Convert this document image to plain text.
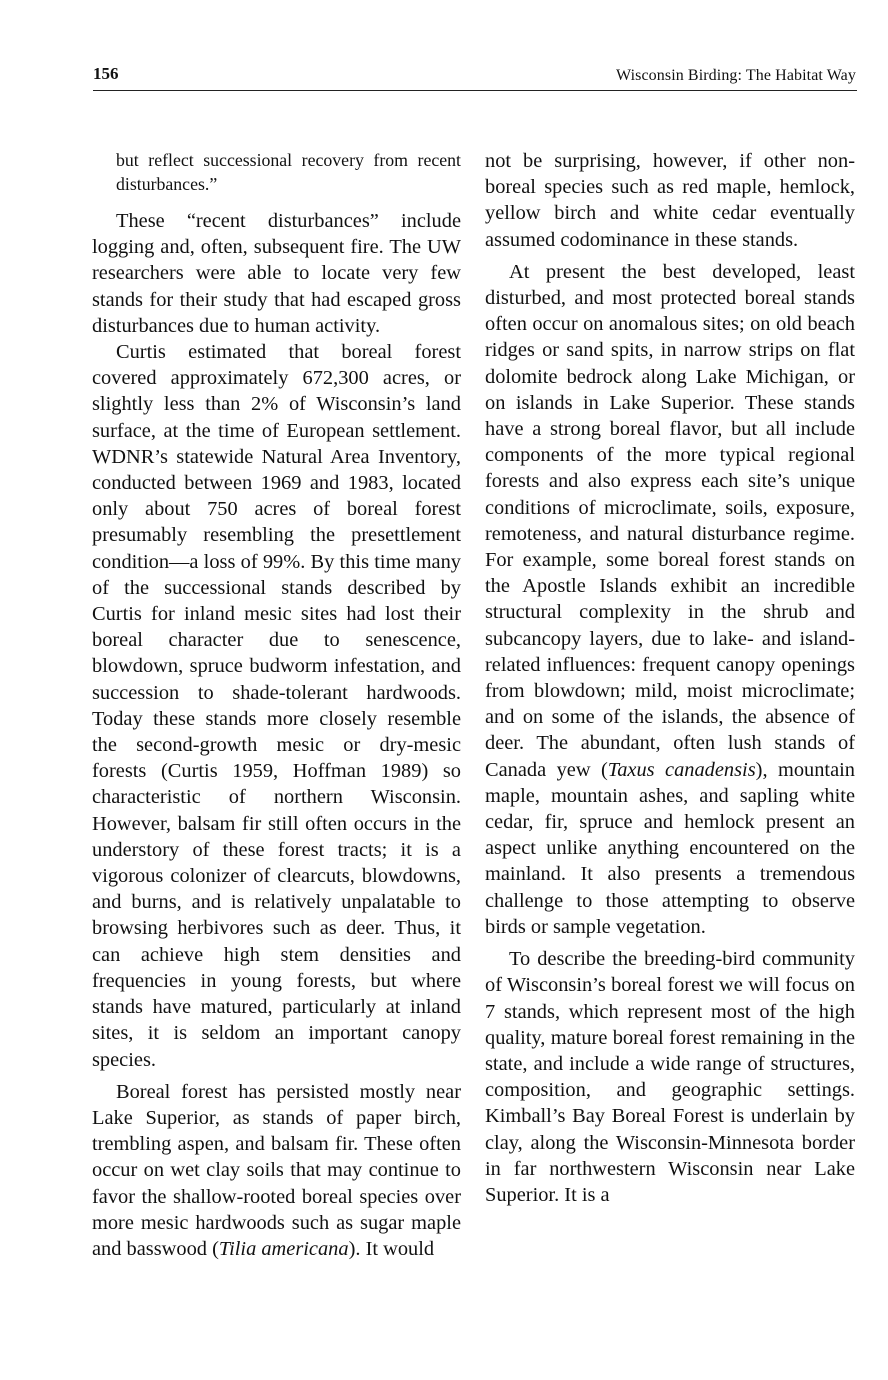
156	Wisconsin Birding: The Habitat Way

but reflect successional recovery from recent disturbances.”

These “recent disturbances” include logging and, often, subsequent fire. The UW researchers were able to locate very few stands for their study that had escaped gross disturbances due to human activity.

Curtis estimated that boreal forest covered approximately 672,300 acres, or slightly less than 2% of Wisconsin’s land surface, at the time of European settlement. WDNR’s statewide Natural Area Inventory, conducted between 1969 and 1983, located only about 750 acres of boreal forest presumably resembling the presettlement condition—a loss of 99%. By this time many of the successional stands described by Curtis for inland mesic sites had lost their boreal character due to senescence, blowdown, spruce budworm infestation, and succession to shade-tolerant hardwoods. Today these stands more closely resemble the second-growth mesic or dry-mesic forests (Curtis 1959, Hoffman 1989) so characteristic of northern Wisconsin. However, balsam fir still often occurs in the understory of these forest tracts; it is a vigorous colonizer of clearcuts, blowdowns, and burns, and is relatively unpalatable to browsing herbivores such as deer. Thus, it can achieve high stem densities and frequencies in young forests, but where stands have matured, particularly at inland sites, it is seldom an important canopy species.

Boreal forest has persisted mostly near Lake Superior, as stands of paper birch, trembling aspen, and balsam fir. These often occur on wet clay soils that may continue to favor the shallow-rooted boreal species over more mesic hardwoods such as sugar maple and basswood (Tilia americana). It would

not be surprising, however, if other non-boreal species such as red maple, hemlock, yellow birch and white cedar eventually assumed codominance in these stands.

At present the best developed, least disturbed, and most protected boreal stands often occur on anomalous sites; on old beach ridges or sand spits, in narrow strips on flat dolomite bedrock along Lake Michigan, or on islands in Lake Superior. These stands have a strong boreal flavor, but all include components of the more typical regional forests and also express each site’s unique conditions of microclimate, soils, exposure, remoteness, and natural disturbance regime. For example, some boreal forest stands on the Apostle Islands exhibit an incredible structural complexity in the shrub and subcancopy layers, due to lake- and island-related influences: frequent canopy openings from blowdown; mild, moist microclimate; and on some of the islands, the absence of deer. The abundant, often lush stands of Canada yew (Taxus canadensis), mountain maple, mountain ashes, and sapling white cedar, fir, spruce and hemlock present an aspect unlike anything encountered on the mainland. It also presents a tremendous challenge to those attempting to observe birds or sample vegetation.

To describe the breeding-bird community of Wisconsin’s boreal forest we will focus on 7 stands, which represent most of the high quality, mature boreal forest remaining in the state, and include a wide range of structures, composition, and geographic settings. Kimball’s Bay Boreal Forest is underlain by clay, along the Wisconsin-Minnesota border in far northwestern Wisconsin near Lake Superior. It is a
